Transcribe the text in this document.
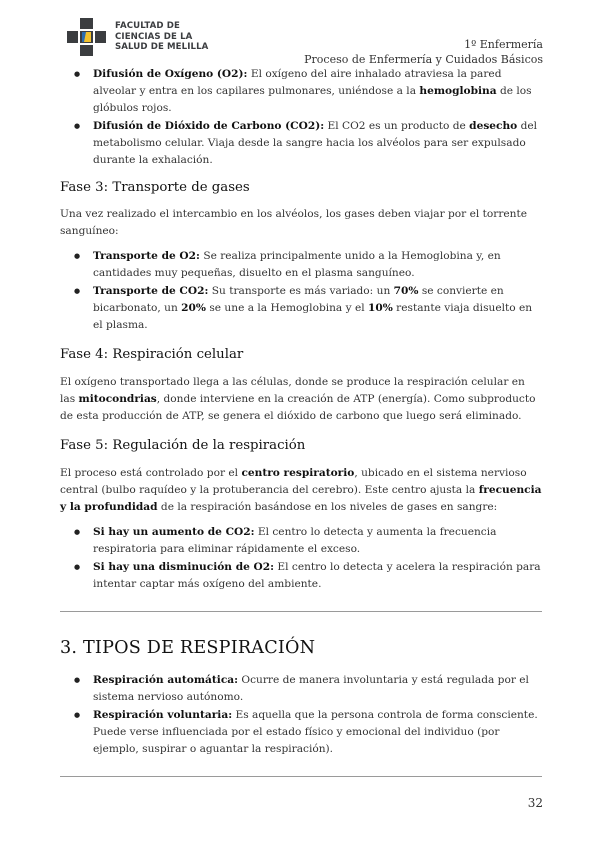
FACULTAD DE
CIENCIAS DE LA
SALUD DE MELILLA	1º Enfermería
Proceso de Enfermería y Cuidados Básicos
● Difusión de Oxígeno (O2): El oxígeno del aire inhalado atraviesa la pared alveolar y entra en los capilares pulmonares, uniéndose a la hemoglobina de los glóbulos rojos.
● Difusión de Dióxido de Carbono (CO2): El CO2 es un producto de desecho del metabolismo celular. Viaja desde la sangre hacia los alvéolos para ser expulsado durante la exhalación.
Fase 3: Transporte de gases

Una vez realizado el intercambio en los alvéolos, los gases deben viajar por el torrente sanguíneo:

● Transporte de O2: Se realiza principalmente unido a la Hemoglobina y, en cantidades muy pequeñas, disuelto en el plasma sanguíneo.
● Transporte de CO2: Su transporte es más variado: un 70% se convierte en bicarbonato, un 20% se une a la Hemoglobina y el 10% restante viaja disuelto en el plasma.
Fase 4: Respiración celular

El oxígeno transportado llega a las células, donde se produce la respiración celular en las mitocondrias, donde interviene en la creación de ATP (energía). Como subproducto de esta producción de ATP, se genera el dióxido de carbono que luego será eliminado.

Fase 5: Regulación de la respiración

El proceso está controlado por el centro respiratorio, ubicado en el sistema nervioso central (bulbo raquídeo y la protuberancia del cerebro). Este centro ajusta la frecuencia y la profundidad de la respiración basándose en los niveles de gases en sangre:

● Si hay un aumento de CO2: El centro lo detecta y aumenta la frecuencia respiratoria para eliminar rápidamente el exceso.
● Si hay una disminución de O2: El centro lo detecta y acelera la respiración para intentar captar más oxígeno del ambiente.
3. TIPOS DE RESPIRACIÓN
● Respiración automática: Ocurre de manera involuntaria y está regulada por el sistema nervioso autónomo.
● Respiración voluntaria: Es aquella que la persona controla de forma consciente. Puede verse influenciada por el estado físico y emocional del individuo (por ejemplo, suspirar o aguantar la respiración).
32
